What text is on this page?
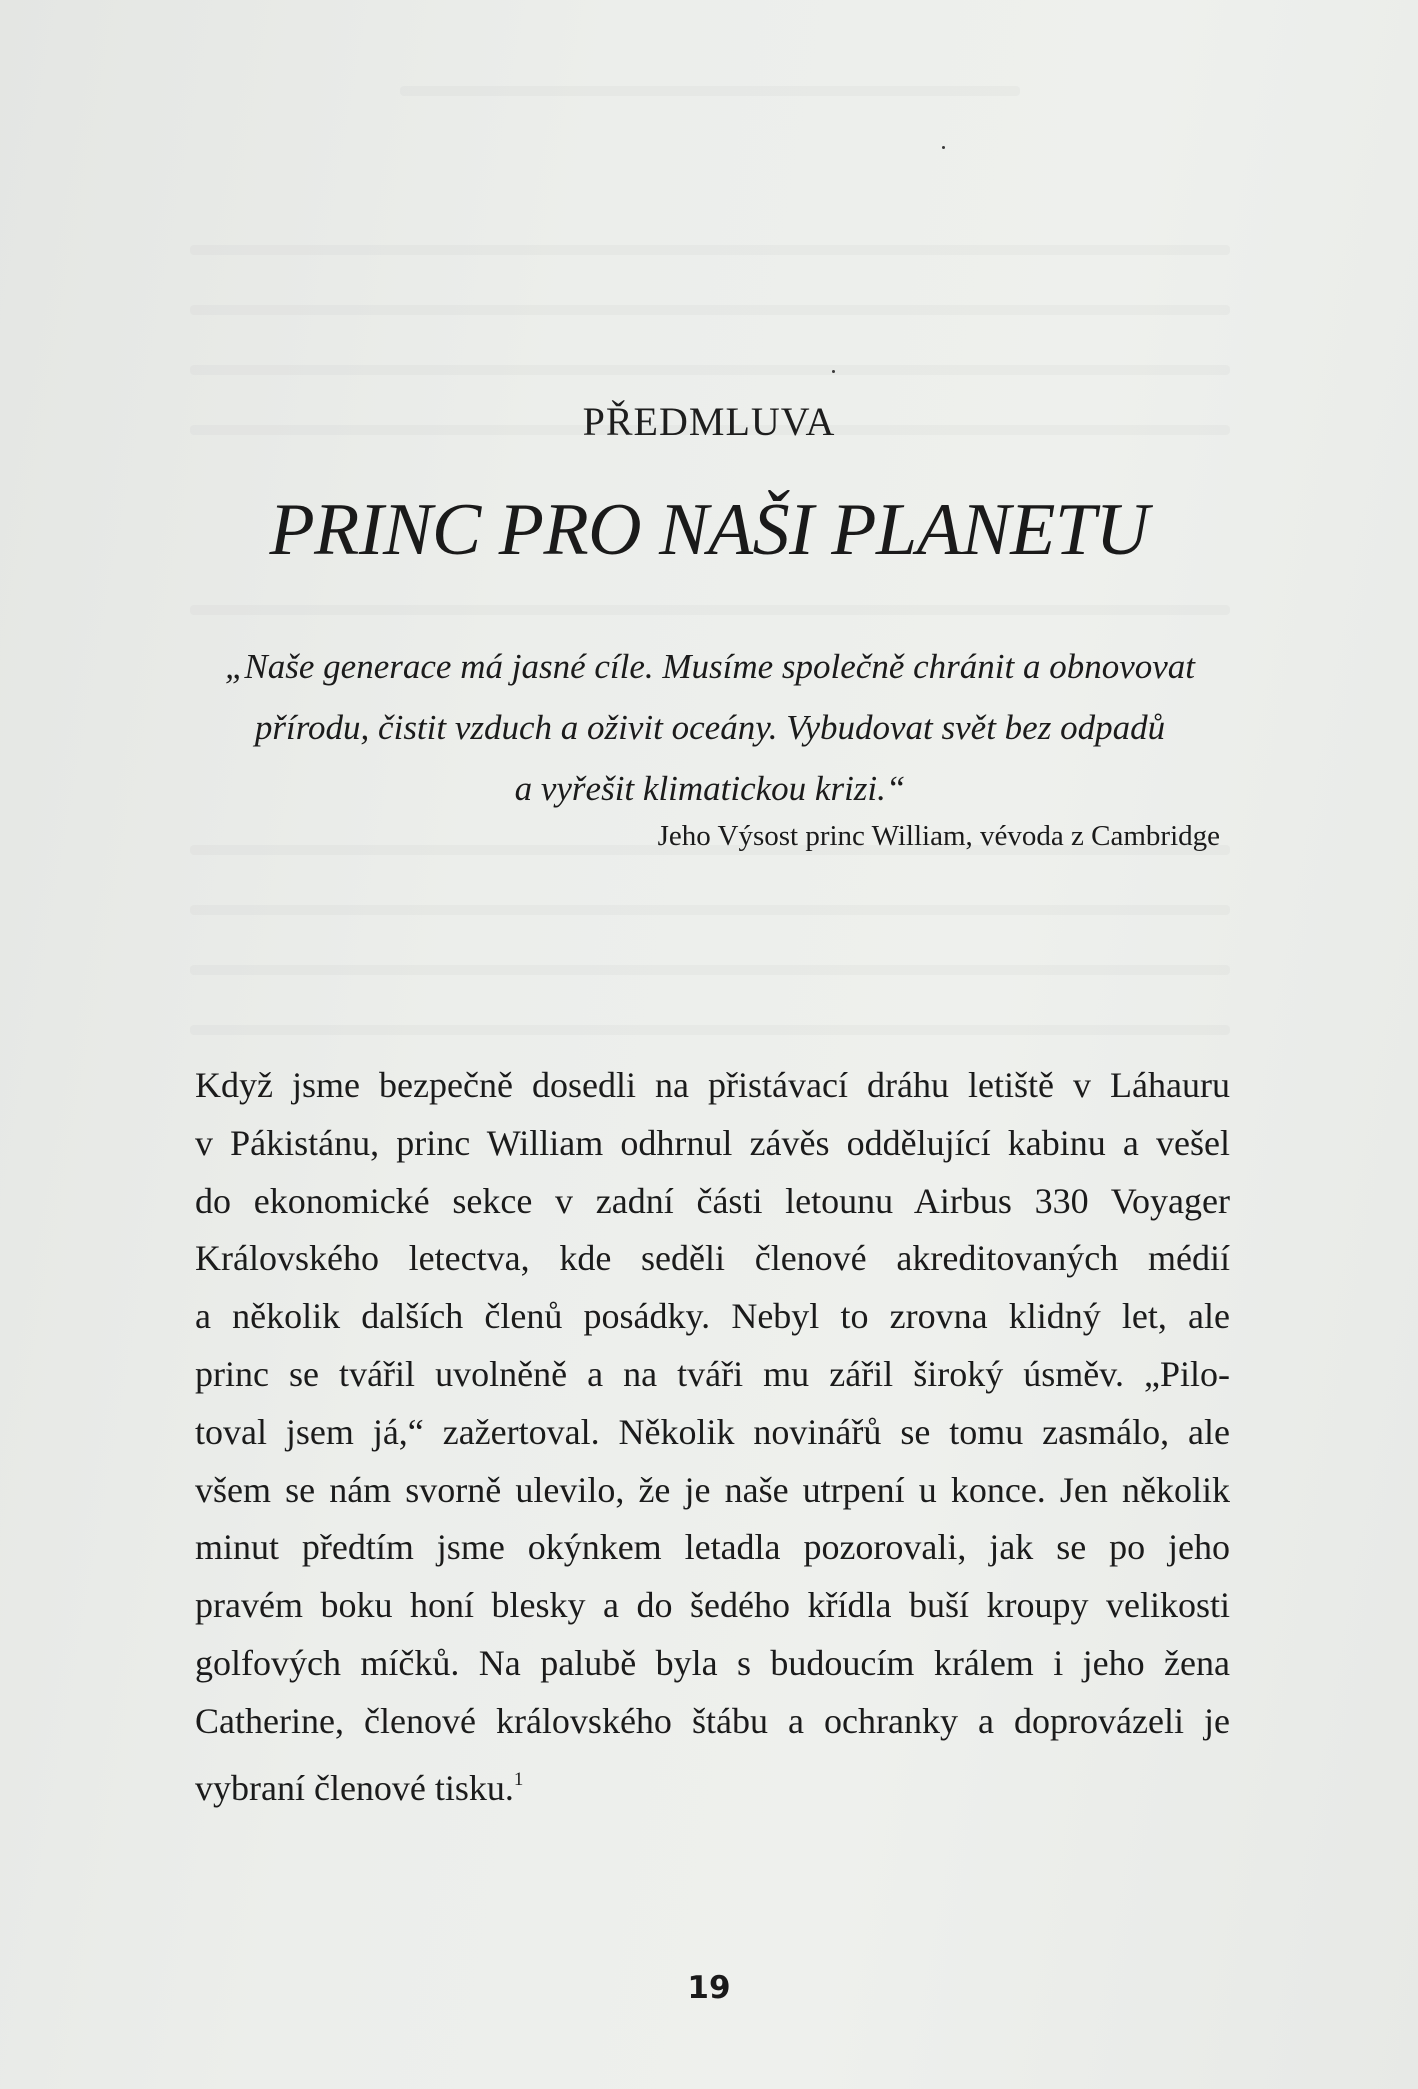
PŘEDMLUVA
PRINC PRO NAŠI PLANETU

„Naše generace má jasné cíle. Musíme společně chránit a obnovovat
přírodu, čistit vzduch a oživit oceány. Vybudovat svět bez odpadů
a vyřešit klimatickou krizi.“

Jeho Výsost princ William, vévoda z Cambridge
Když jsme bezpečně dosedli na přistávací dráhu letiště v Láhauru
v Pákistánu, princ William odhrnul závěs oddělující kabinu a vešel
do ekonomické sekce v zadní části letounu Airbus 330 Voyager
Královského letectva, kde seděli členové akreditovaných médií
a několik dalších členů posádky. Nebyl to zrovna klidný let, ale
princ se tvářil uvolněně a na tváři mu zářil široký úsměv. „Pilo-
toval jsem já,“ zažertoval. Několik novinářů se tomu zasmálo, ale
všem se nám svorně ulevilo, že je naše utrpení u konce. Jen několik
minut předtím jsme okýnkem letadla pozorovali, jak se po jeho
pravém boku honí blesky a do šedého křídla buší kroupy velikosti
golfových míčků. Na palubě byla s budoucím králem i jeho žena
Catherine, členové královského štábu a ochranky a doprovázeli je
vybraní členové tisku.$^1$
19
